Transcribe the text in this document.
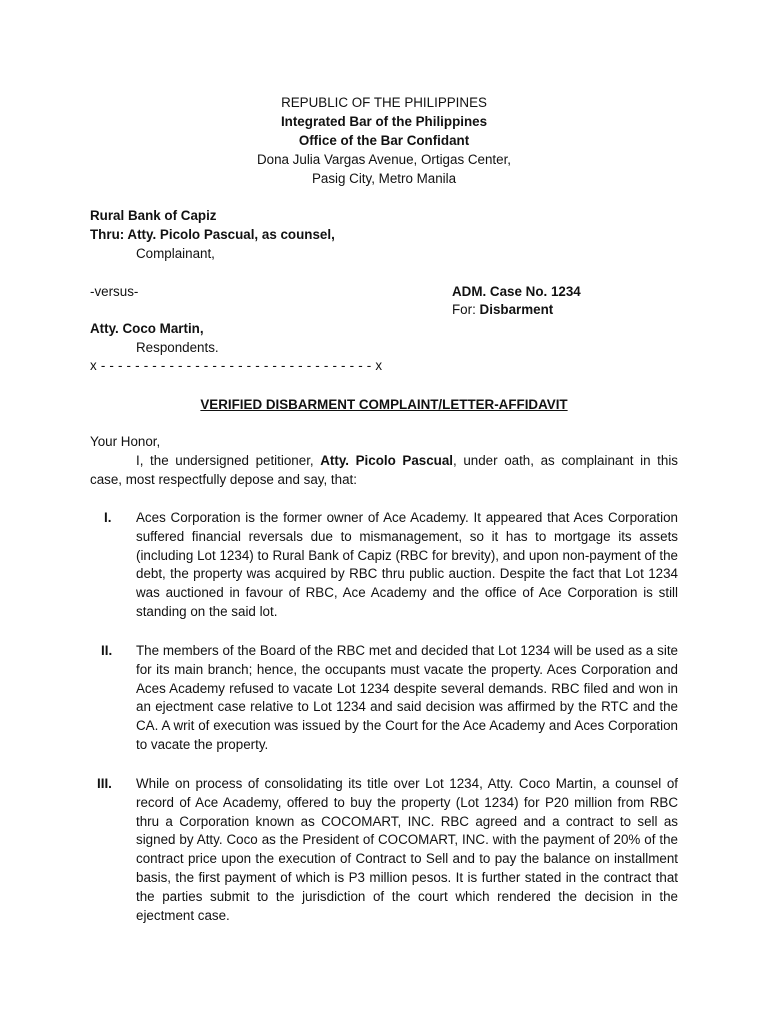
REPUBLIC OF THE PHILIPPINES
Integrated Bar of the Philippines
Office of the Bar Confidant
Dona Julia Vargas Avenue, Ortigas Center,
Pasig City, Metro Manila
Rural Bank of Capiz
Thru: Atty. Picolo Pascual, as counsel,
Complainant,
-versus-	ADM. Case No. 1234
For: Disbarment
Atty. Coco Martin,
Respondents.
x - - - - - - - - - - - - - - - - - - - - - - - - - - - - - - - - x
VERIFIED DISBARMENT COMPLAINT/LETTER-AFFIDAVIT
Your Honor,
I, the undersigned petitioner, Atty. Picolo Pascual, under oath, as complainant in this case, most respectfully depose and say, that:
I. Aces Corporation is the former owner of Ace Academy. It appeared that Aces Corporation suffered financial reversals due to mismanagement, so it has to mortgage its assets (including Lot 1234) to Rural Bank of Capiz (RBC for brevity), and upon non-payment of the debt, the property was acquired by RBC thru public auction. Despite the fact that Lot 1234 was auctioned in favour of RBC, Ace Academy and the office of Ace Corporation is still standing on the said lot.
II. The members of the Board of the RBC met and decided that Lot 1234 will be used as a site for its main branch; hence, the occupants must vacate the property. Aces Corporation and Aces Academy refused to vacate Lot 1234 despite several demands. RBC filed and won in an ejectment case relative to Lot 1234 and said decision was affirmed by the RTC and the CA. A writ of execution was issued by the Court for the Ace Academy and Aces Corporation to vacate the property.
III. While on process of consolidating its title over Lot 1234, Atty. Coco Martin, a counsel of record of Ace Academy, offered to buy the property (Lot 1234) for P20 million from RBC thru a Corporation known as COCOMART, INC. RBC agreed and a contract to sell as signed by Atty. Coco as the President of COCOMART, INC. with the payment of 20% of the contract price upon the execution of Contract to Sell and to pay the balance on installment basis, the first payment of which is P3 million pesos. It is further stated in the contract that the parties submit to the jurisdiction of the court which rendered the decision in the ejectment case.
